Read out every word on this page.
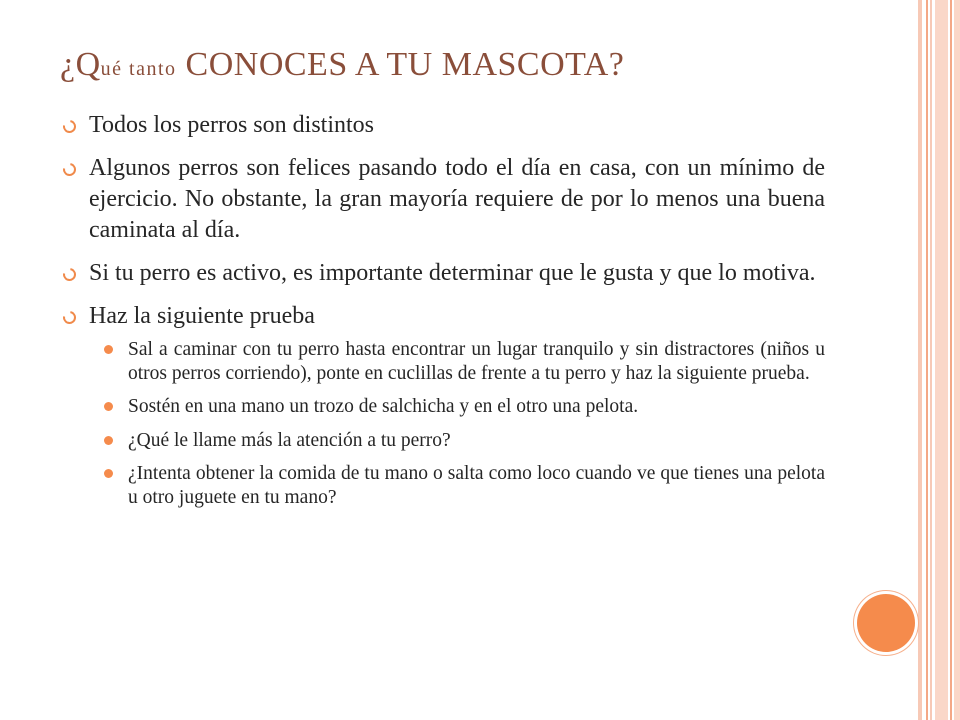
¿Qué tanto CONOCES A TU MASCOTA?
Todos los perros son distintos
Algunos perros son felices pasando todo el día en casa, con un mínimo de ejercicio. No obstante, la gran mayoría requiere de por lo menos una buena caminata al día.
Si tu perro es activo, es importante determinar que le gusta y que lo motiva.
Haz la siguiente prueba
Sal a caminar con tu perro hasta encontrar un lugar tranquilo y sin distractores (niños u otros perros corriendo), ponte en cuclillas de frente a tu perro y haz la siguiente prueba.
Sostén en una mano un trozo de salchicha y en el otro una pelota.
¿Qué le llame más la atención a tu perro?
¿Intenta obtener la comida de tu mano o salta como loco cuando ve que tienes una pelota u otro juguete en tu mano?
